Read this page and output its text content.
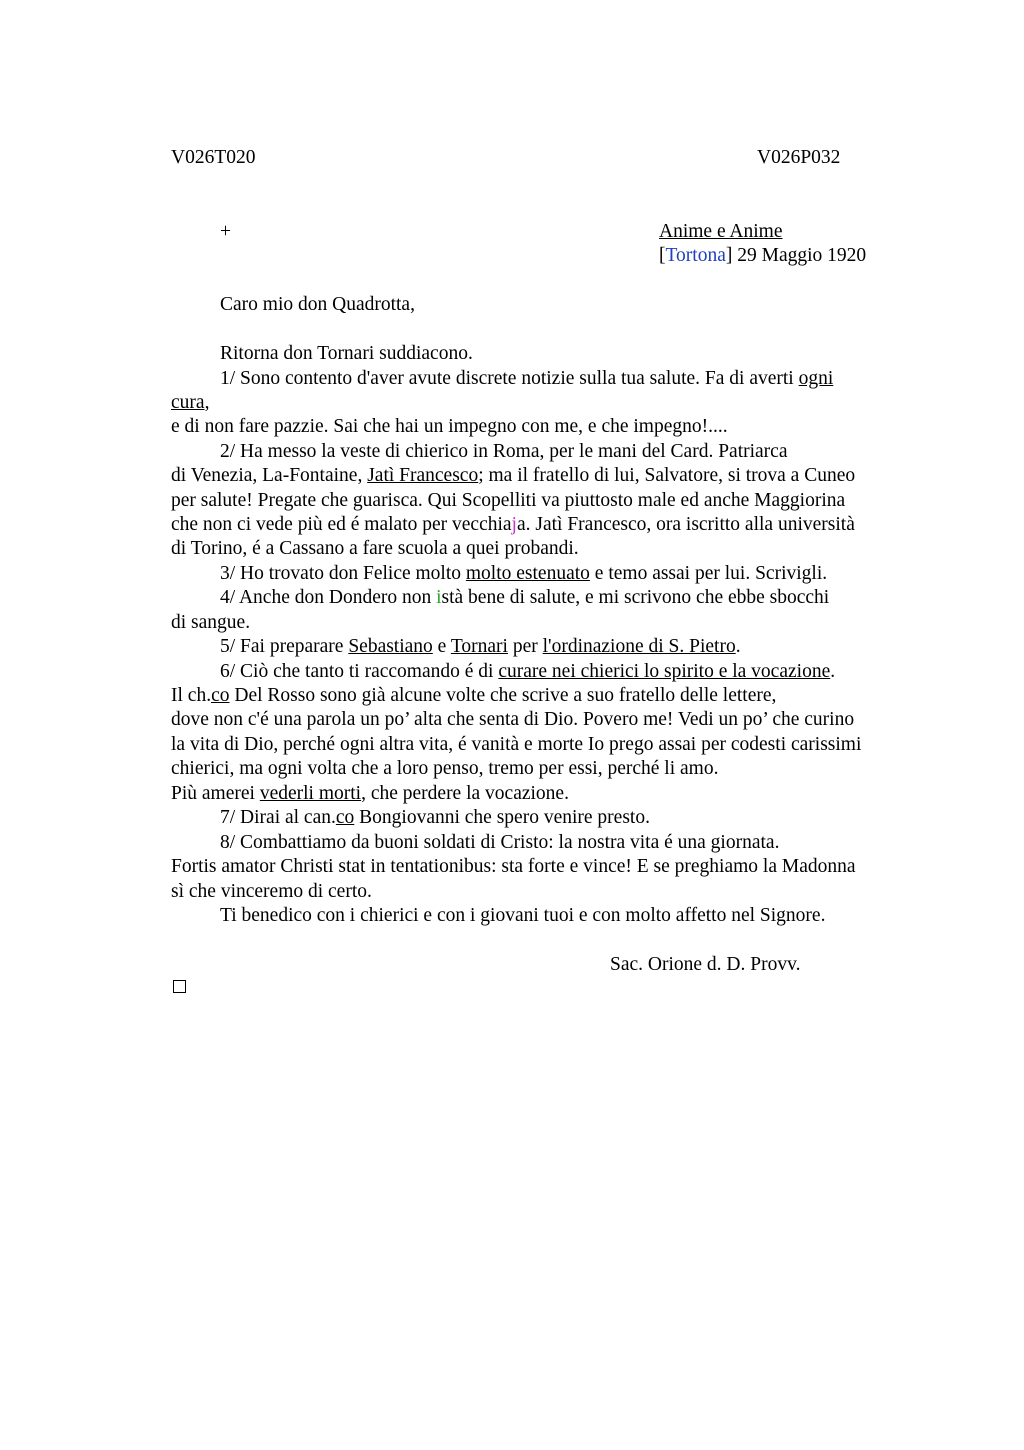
V026T020	V026P032
+	Anime e Anime
[Tortona] 29 Maggio 1920
Caro mio don Quadrotta,
Ritorna don Tornari suddiacono.
1/ Sono contento d'aver avute discrete notizie sulla tua salute. Fa di averti ogni
cura,
e di non fare pazzie. Sai che hai un impegno con me, e che impegno!....
2/ Ha messo la veste di chierico in Roma, per le mani del Card. Patriarca
di Venezia, La-Fontaine, Jatì Francesco; ma il fratello di lui, Salvatore, si trova a Cuneo
per salute! Pregate che guarisca. Qui Scopelliti va piuttosto male ed anche Maggiorina
che non ci vede più ed é malato per vecchiaja. Jatì Francesco, ora iscritto alla università
di Torino, é a Cassano a fare scuola a quei probandi.
3/ Ho trovato don Felice molto molto estenuato e temo assai per lui. Scrivigli.
4/ Anche don Dondero non istà bene di salute, e mi scrivono che ebbe sbocchi
di sangue.
5/ Fai preparare Sebastiano e Tornari per l'ordinazione di S. Pietro.
6/ Ciò che tanto ti raccomando é di curare nei chierici lo spirito e la vocazione.
Il ch.co Del Rosso sono già alcune volte che scrive a suo fratello delle lettere,
dove non c'é una parola un po’ alta che senta di Dio. Povero me! Vedi un po’ che curino
la vita di Dio, perché ogni altra vita, é vanità e morte Io prego assai per codesti carissimi
chierici, ma ogni volta che a loro penso, tremo per essi, perché li amo.
Più amerei vederli morti, che perdere la vocazione.
7/ Dirai al can.co Bongiovanni che spero venire presto.
8/ Combattiamo da buoni soldati di Cristo: la nostra vita é una giornata.
Fortis amator Christi stat in tentationibus: sta forte e vince! E se preghiamo la Madonna
sì che vinceremo di certo.
Ti benedico con i chierici e con i giovani tuoi e con molto affetto nel Signore.
Sac. Orione d. D. Provv.
